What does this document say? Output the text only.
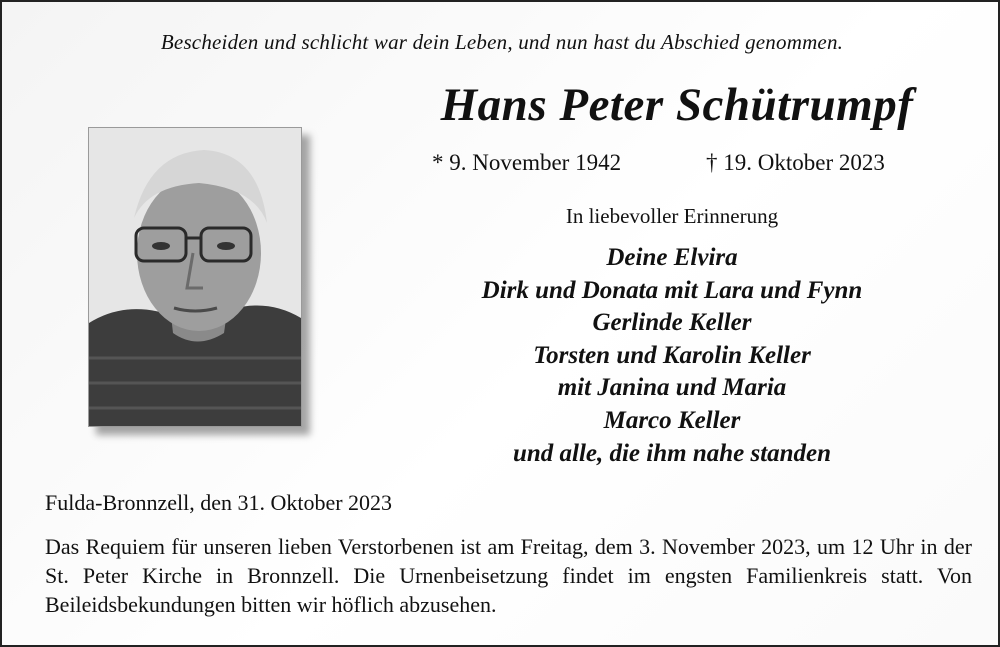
Bescheiden und schlicht war dein Leben, und nun hast du Abschied genommen.
Hans Peter Schütrumpf
* 9. November 1942	† 19. Oktober 2023
In liebevoller Erinnerung
Deine Elvira
Dirk und Donata mit Lara und Fynn
Gerlinde Keller
Torsten und Karolin Keller
mit Janina und Maria
Marco Keller
und alle, die ihm nahe standen
Fulda-Bronnzell, den 31. Oktober 2023

Das Requiem für unseren lieben Verstorbenen ist am Freitag, dem 3. November 2023, um 12 Uhr in der St. Peter Kirche in Bronnzell. Die Urnenbeisetzung findet im engsten Familienkreis statt. Von Beileidsbekundungen bitten wir höflich abzusehen.
